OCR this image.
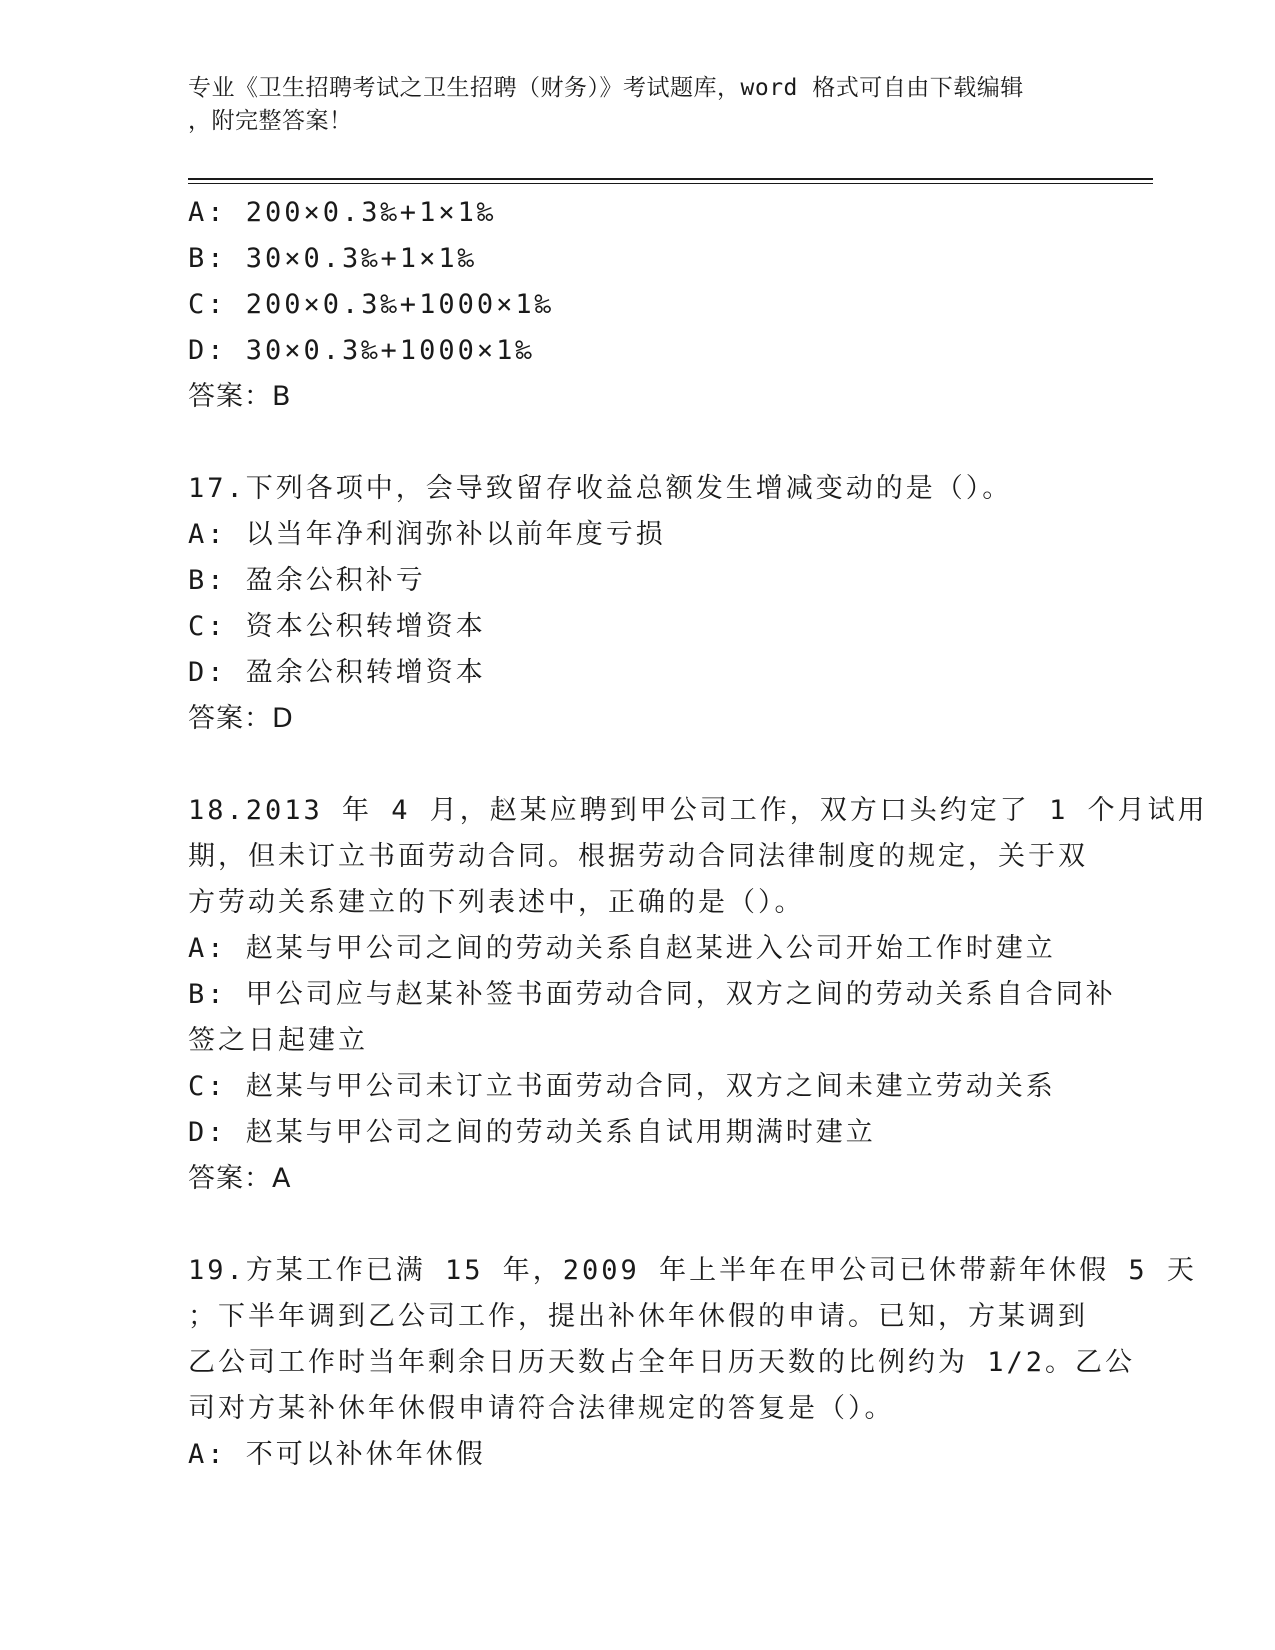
专业《卫生招聘考试之卫生招聘（财务）》考试题库，word 格式可自由下载编辑
，附完整答案！
A: 200×0.3‰+1×1‰
B: 30×0.3‰+1×1‰
C: 200×0.3‰+1000×1‰
D: 30×0.3‰+1000×1‰
答案：B
17.下列各项中，会导致留存收益总额发生增减变动的是（）。
A: 以当年净利润弥补以前年度亏损
B: 盈余公积补亏
C: 资本公积转增资本
D: 盈余公积转增资本
答案：D
18.2013 年 4 月，赵某应聘到甲公司工作，双方口头约定了 1 个月试用
期，但未订立书面劳动合同。根据劳动合同法律制度的规定，关于双
方劳动关系建立的下列表述中，正确的是（）。
A: 赵某与甲公司之间的劳动关系自赵某进入公司开始工作时建立
B: 甲公司应与赵某补签书面劳动合同，双方之间的劳动关系自合同补
签之日起建立
C: 赵某与甲公司未订立书面劳动合同，双方之间未建立劳动关系
D: 赵某与甲公司之间的劳动关系自试用期满时建立
答案：A
19.方某工作已满 15 年，2009 年上半年在甲公司已休带薪年休假 5 天
；下半年调到乙公司工作，提出补休年休假的申请。已知，方某调到
乙公司工作时当年剩余日历天数占全年日历天数的比例约为 1/2。乙公
司对方某补休年休假申请符合法律规定的答复是（）。
A: 不可以补休年休假
